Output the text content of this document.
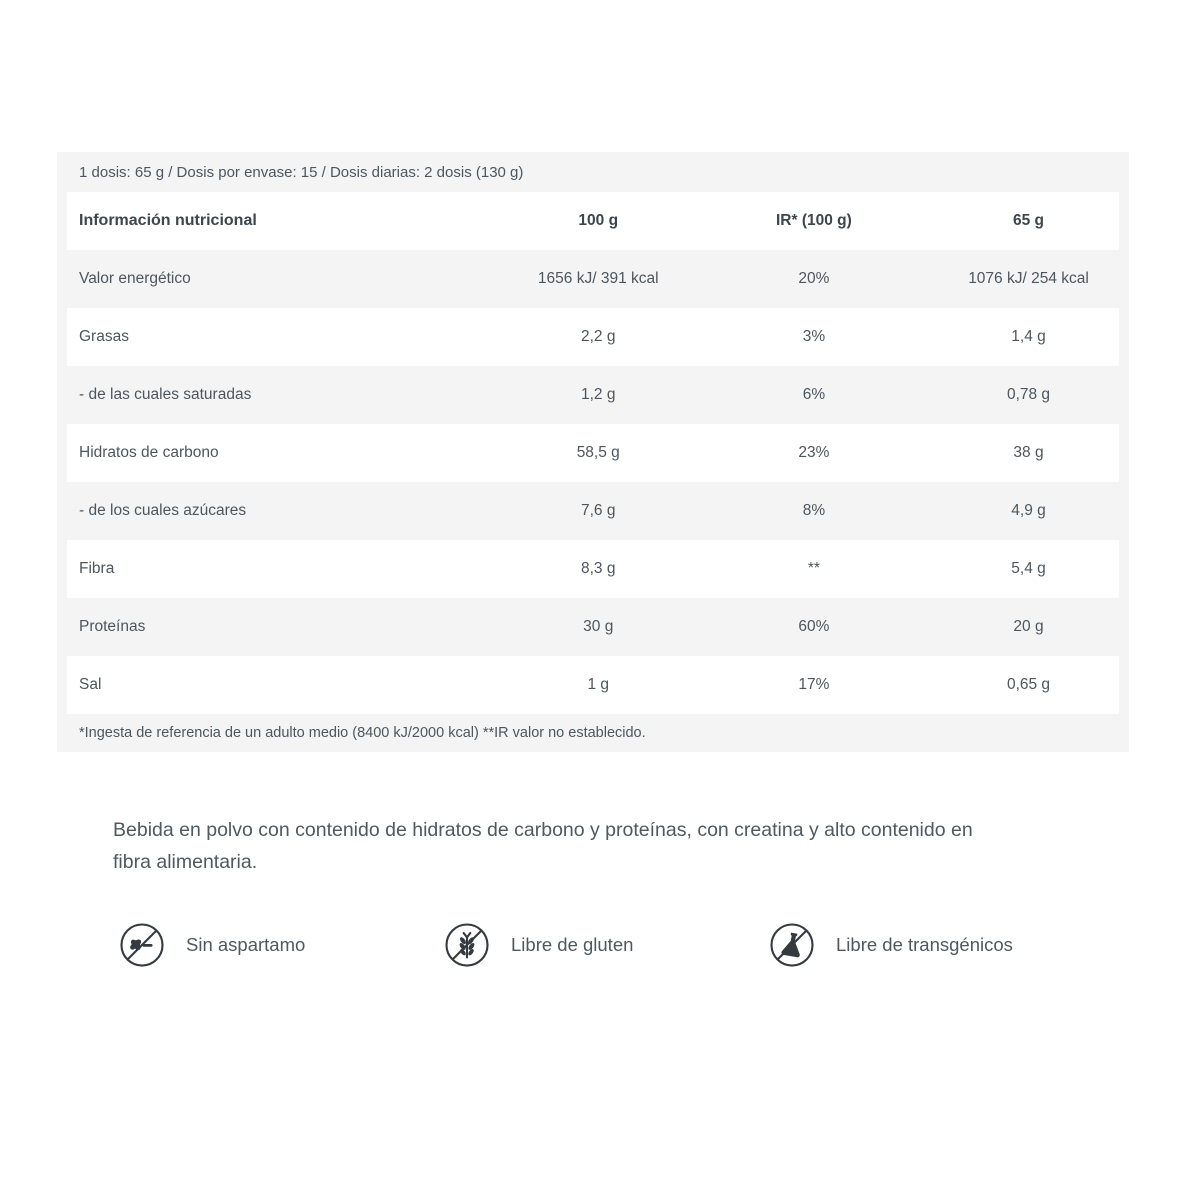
1 dosis: 65 g / Dosis por envase: 15 / Dosis diarias: 2 dosis (130 g)
Información nutricional	100 g	IR* (100 g)	65 g
Valor energético	1656 kJ/ 391 kcal	20%	1076 kJ/ 254 kcal
Grasas	2,2 g	3%	1,4 g
- de las cuales saturadas	1,2 g	6%	0,78 g
Hidratos de carbono	58,5 g	23%	38 g
- de los cuales azúcares	7,6 g	8%	4,9 g
Fibra	8,3 g	**	5,4 g
Proteínas	30 g	60%	20 g
Sal	1 g	17%	0,65 g
*Ingesta de referencia de un adulto medio (8400 kJ/2000 kcal) **IR valor no establecido.
Bebida en polvo con contenido de hidratos de carbono y proteínas, con creatina y alto contenido en
fibra alimentaria.
Sin aspartamo	Libre de gluten	Libre de transgénicos
